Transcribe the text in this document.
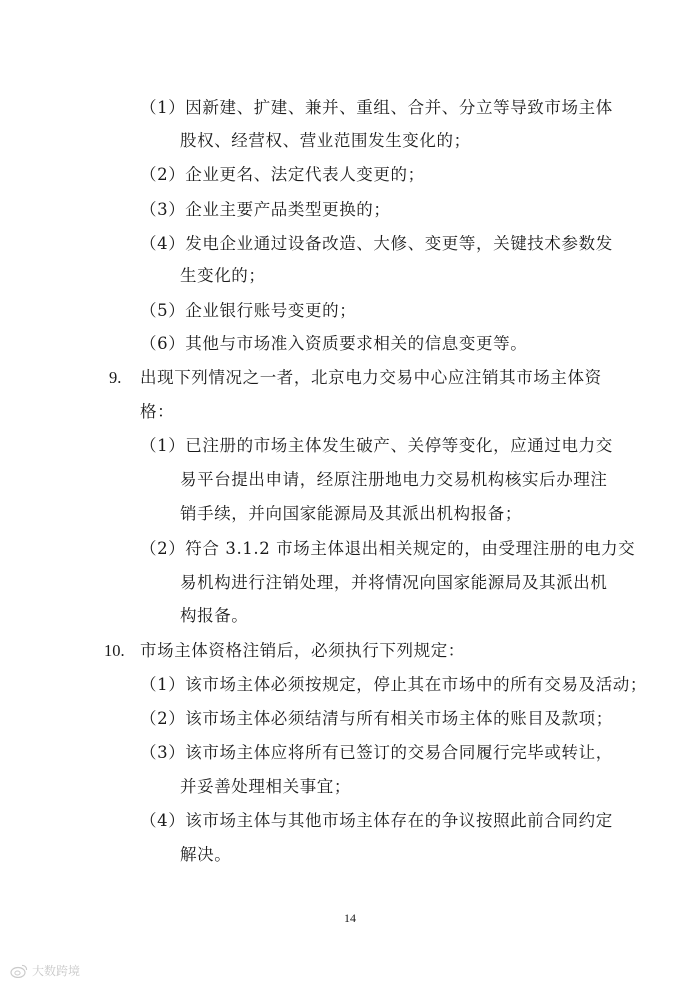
（1）因新建、扩建、兼并、重组、合并、分立等导致市场主体
股权、经营权、营业范围发生变化的；
（2）企业更名、法定代表人变更的；
（3）企业主要产品类型更换的；
（4）发电企业通过设备改造、大修、变更等，关键技术参数发
生变化的；
（5）企业银行账号变更的；
（6）其他与市场准入资质要求相关的信息变更等。
9. 出现下列情况之一者，北京电力交易中心应注销其市场主体资
格：
（1）已注册的市场主体发生破产、关停等变化，应通过电力交
易平台提出申请，经原注册地电力交易机构核实后办理注
销手续，并向国家能源局及其派出机构报备；
（2）符合 3.1.2 市场主体退出相关规定的，由受理注册的电力交
易机构进行注销处理，并将情况向国家能源局及其派出机
构报备。
10. 市场主体资格注销后，必须执行下列规定：
（1）该市场主体必须按规定，停止其在市场中的所有交易及活动；
（2）该市场主体必须结清与所有相关市场主体的账目及款项；
（3）该市场主体应将所有已签订的交易合同履行完毕或转让，
并妥善处理相关事宜；
（4）该市场主体与其他市场主体存在的争议按照此前合同约定
解决。
14
大数跨境
